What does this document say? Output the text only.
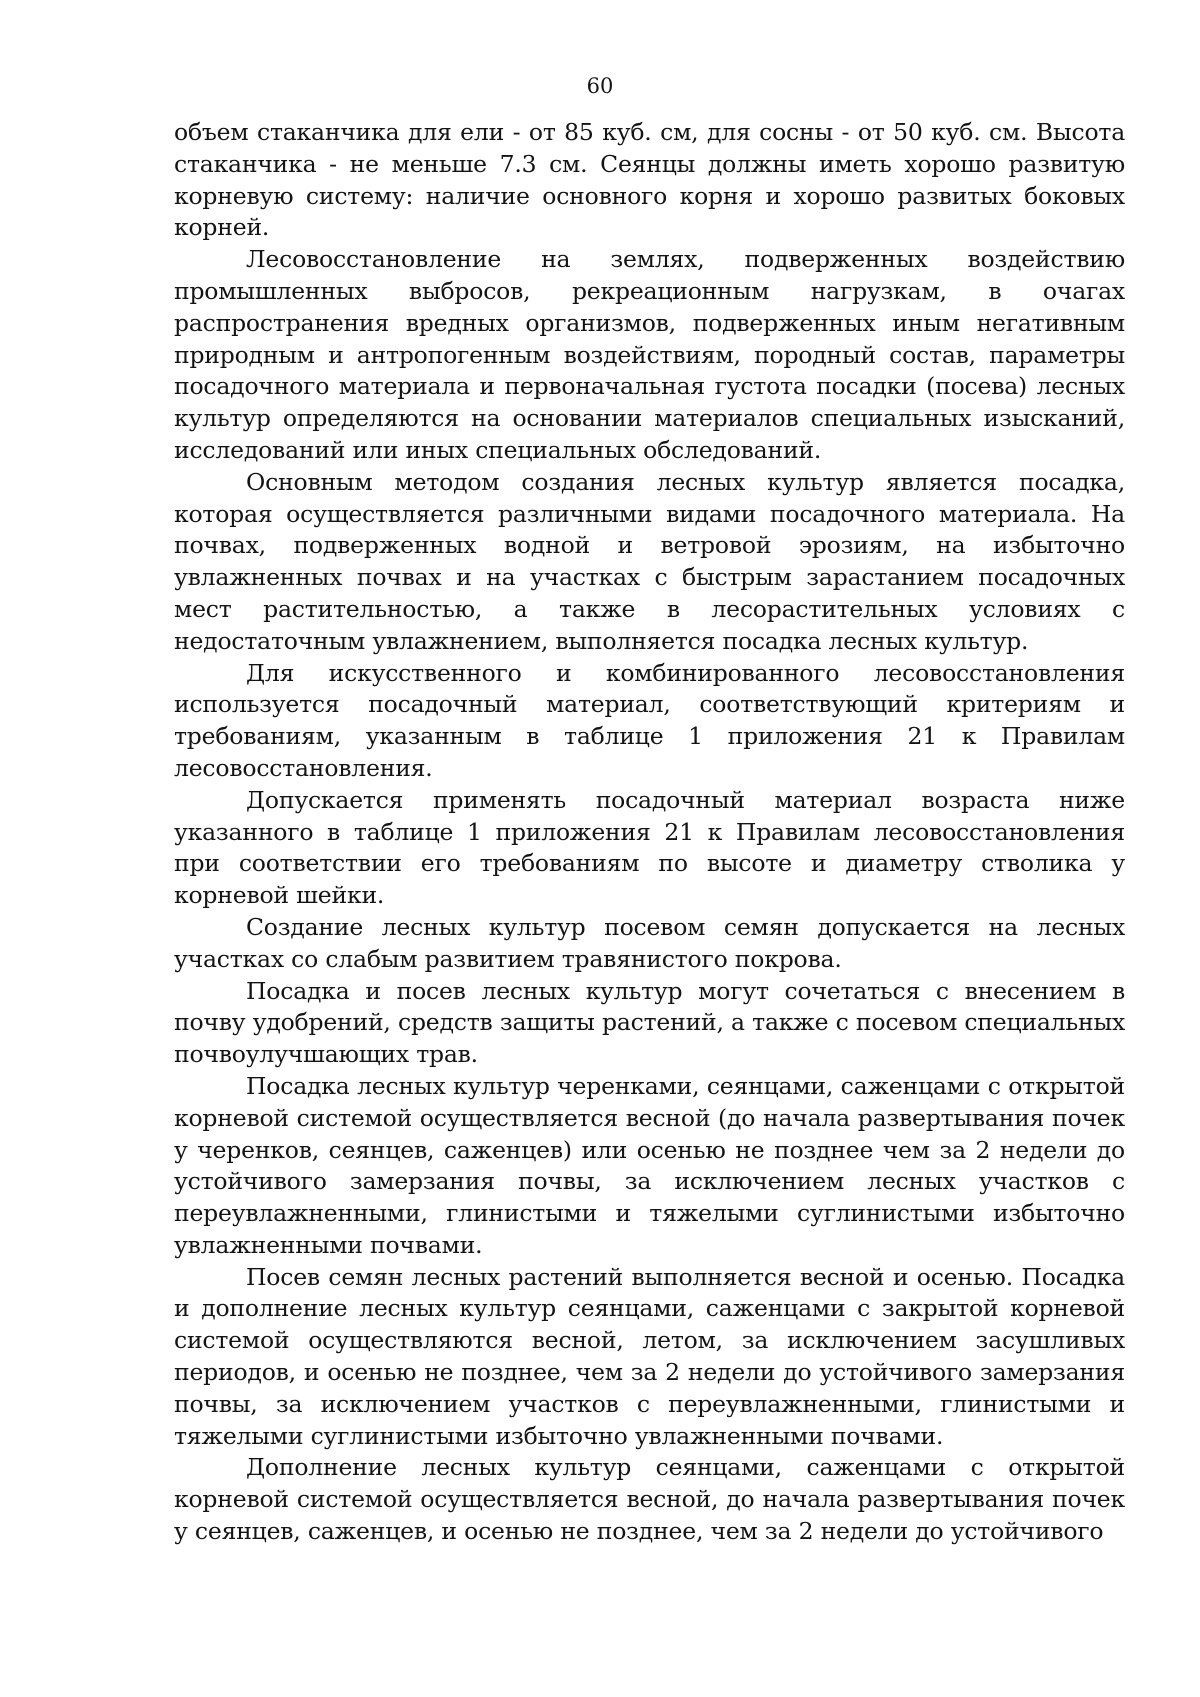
60

объем стаканчика для ели - от 85 куб. см, для сосны - от 50 куб. см. Высота стаканчика - не меньше 7.3 см. Сеянцы должны иметь хорошо развитую корневую систему: наличие основного корня и хорошо развитых боковых корней.

Лесовосстановление на землях, подверженных воздействию промышленных выбросов, рекреационным нагрузкам, в очагах распространения вредных организмов, подверженных иным негативным природным и антропогенным воздействиям, породный состав, параметры посадочного материала и первоначальная густота посадки (посева) лесных культур определяются на основании материалов специальных изысканий, исследований или иных специальных обследований.

Основным методом создания лесных культур является посадка, которая осуществляется различными видами посадочного материала. На почвах, подверженных водной и ветровой эрозиям, на избыточно увлажненных почвах и на участках с быстрым зарастанием посадочных мест растительностью, а также в лесорастительных условиях с недостаточным увлажнением, выполняется посадка лесных культур.

Для искусственного и комбинированного лесовосстановления используется посадочный материал, соответствующий критериям и требованиям, указанным в таблице 1 приложения 21 к Правилам лесовосстановления.

Допускается применять посадочный материал возраста ниже указанного в таблице 1 приложения 21 к Правилам лесовосстановления при соответствии его требованиям по высоте и диаметру стволика у корневой шейки.

Создание лесных культур посевом семян допускается на лесных участках со слабым развитием травянистого покрова.

Посадка и посев лесных культур могут сочетаться с внесением в почву удобрений, средств защиты растений, а также с посевом специальных почвоулучшающих трав.

Посадка лесных культур черенками, сеянцами, саженцами с открытой корневой системой осуществляется весной (до начала развертывания почек у черенков, сеянцев, саженцев) или осенью не позднее чем за 2 недели до устойчивого замерзания почвы, за исключением лесных участков с переувлажненными, глинистыми и тяжелыми суглинистыми избыточно увлажненными почвами.

Посев семян лесных растений выполняется весной и осенью. Посадка и дополнение лесных культур сеянцами, саженцами с закрытой корневой системой осуществляются весной, летом, за исключением засушливых периодов, и осенью не позднее, чем за 2 недели до устойчивого замерзания почвы, за исключением участков с переувлажненными, глинистыми и тяжелыми суглинистыми избыточно увлажненными почвами.

Дополнение лесных культур сеянцами, саженцами с открытой корневой системой осуществляется весной, до начала развертывания почек у сеянцев, саженцев, и осенью не позднее, чем за 2 недели до устойчивого
